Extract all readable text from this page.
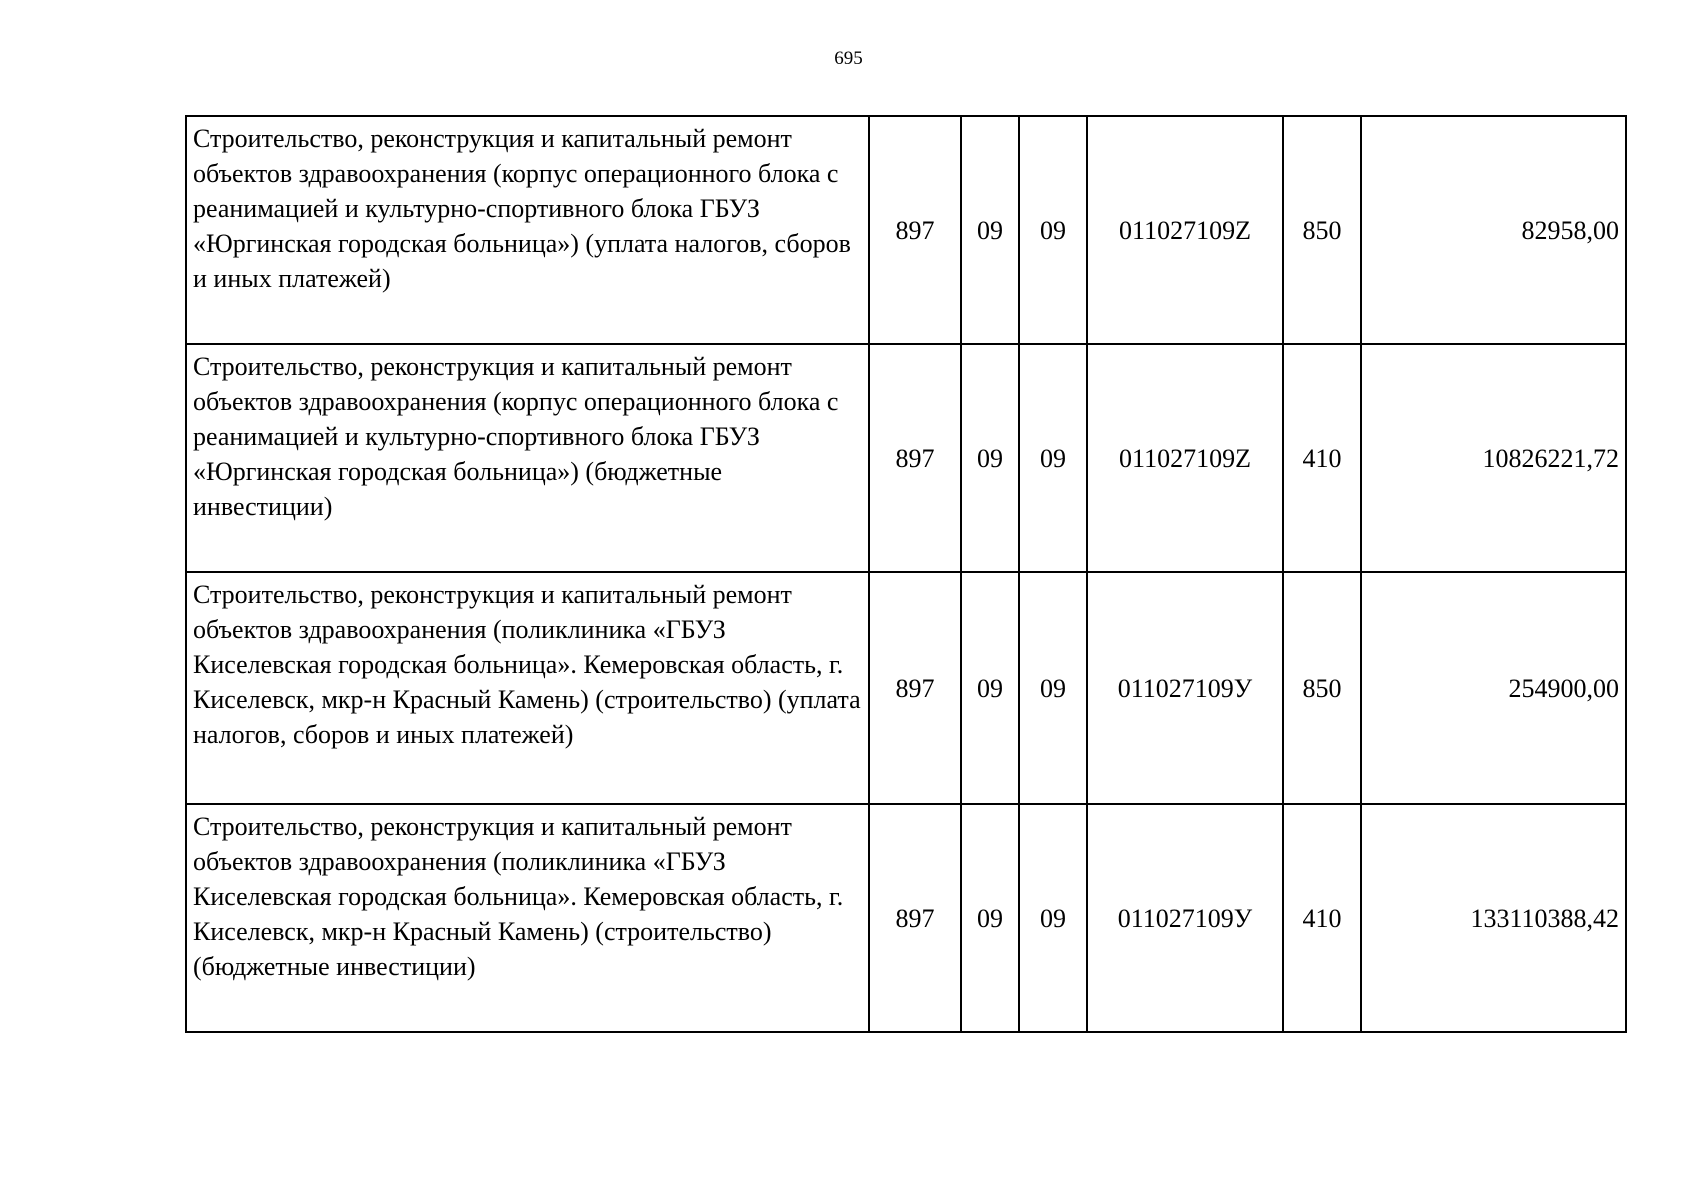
695
Строительство, реконструкция и капитальный ремонт объектов здравоохранения (корпус операционного блока с реанимацией и культурно-спортивного блока ГБУЗ «Юргинская городская больница») (уплата налогов, сборов и иных платежей)	897	09	09	011027109Z	850	82958,00
Строительство, реконструкция и капитальный ремонт объектов здравоохранения (корпус операционного блока с реанимацией и культурно-спортивного блока ГБУЗ «Юргинская городская больница») (бюджетные инвестиции)	897	09	09	011027109Z	410	10826221,72
Строительство, реконструкция и капитальный ремонт объектов здравоохранения (поликлиника «ГБУЗ Киселевская городская больница». Кемеровская область, г. Киселевск, мкр-н Красный Камень) (строительство) (уплата налогов, сборов и иных платежей)	897	09	09	011027109У	850	254900,00
Строительство, реконструкция и капитальный ремонт объектов здравоохранения (поликлиника «ГБУЗ Киселевская городская больница». Кемеровская область, г. Киселевск, мкр-н Красный Камень) (строительство) (бюджетные инвестиции)	897	09	09	011027109У	410	133110388,42
